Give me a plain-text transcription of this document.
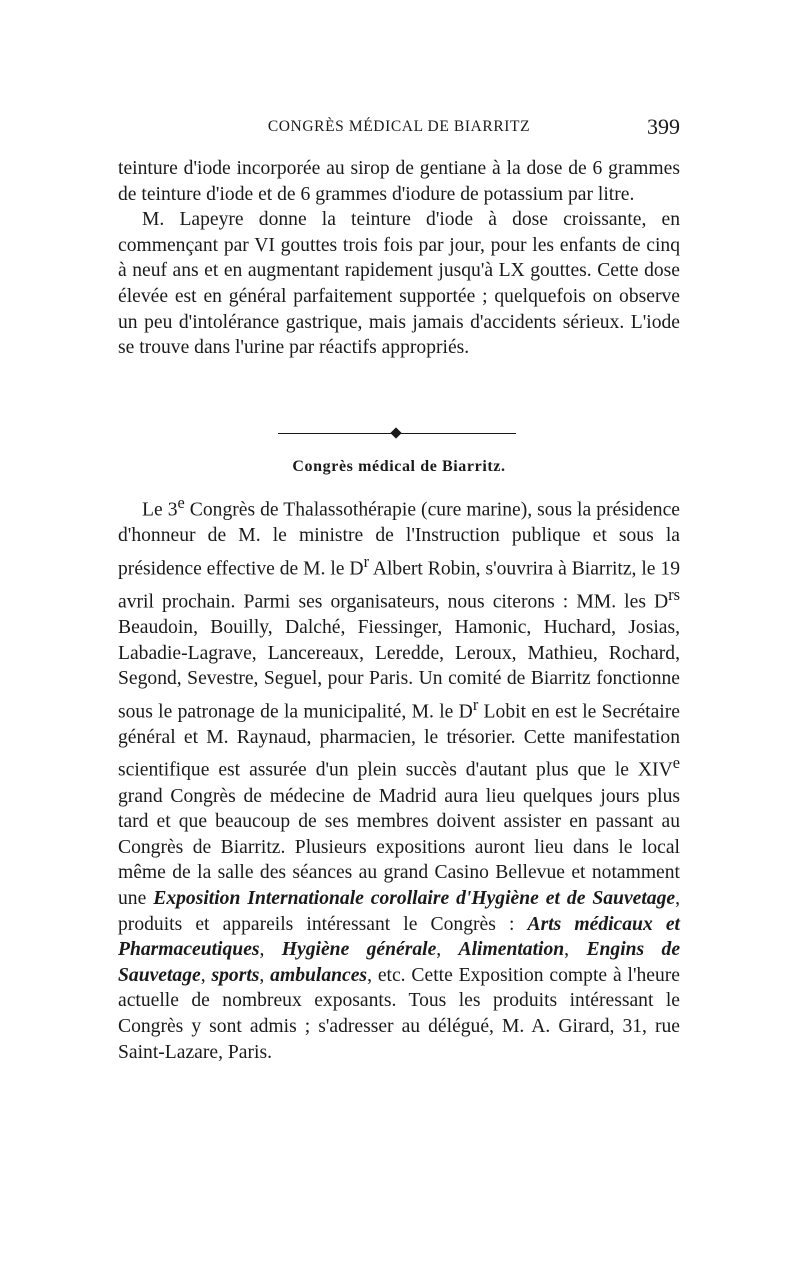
CONGRÈS MÉDICAL DE BIARRITZ	399

teinture d'iode incorporée au sirop de gentiane à la dose de 6 grammes de teinture d'iode et de 6 grammes d'iodure de potassium par litre.

M. Lapeyre donne la teinture d'iode à dose croissante, en commençant par VI gouttes trois fois par jour, pour les enfants de cinq à neuf ans et en augmentant rapidement jusqu'à LX gouttes. Cette dose élevée est en général parfaitement supportée ; quelquefois on observe un peu d'intolérance gastrique, mais jamais d'accidents sérieux. L'iode se trouve dans l'urine par réactifs appropriés.

Congrès médical de Biarritz.

Le 3e Congrès de Thalassothérapie (cure marine), sous la présidence d'honneur de M. le ministre de l'Instruction publique et sous la présidence effective de M. le $D^r$ Albert Robin, s'ouvrira à Biarritz, le 19 avril prochain. Parmi ses organisateurs, nous citerons : MM. les $D^{rs}$ Beaudoin, Bouilly, Dalché, Fiessinger, Hamonic, Huchard, Josias, Labadie-Lagrave, Lancereaux, Leredde, Leroux, Mathieu, Rochard, Segond, Sevestre, Seguel, pour Paris. Un comité de Biarritz fonctionne sous le patronage de la municipalité, M. le $D^r$ Lobit en est le Secrétaire général et M. Raynaud, pharmacien, le trésorier. Cette manifestation scientifique est assurée d'un plein succès d'autant plus que le XIVe grand Congrès de médecine de Madrid aura lieu quelques jours plus tard et que beaucoup de ses membres doivent assister en passant au Congrès de Biarritz. Plusieurs expositions auront lieu dans le local même de la salle des séances au grand Casino Bellevue et notamment une Exposition Internationale corollaire d'Hygiène et de Sauvetage, produits et appareils intéressant le Congrès : Arts médicaux et Pharmaceutiques, Hygiène générale, Alimentation, Engins de Sauvetage, sports, ambulances, etc. Cette Exposition compte à l'heure actuelle de nombreux exposants. Tous les produits intéressant le Congrès y sont admis ; s'adresser au délégué, M. A. Girard, 31, rue Saint-Lazare, Paris.
